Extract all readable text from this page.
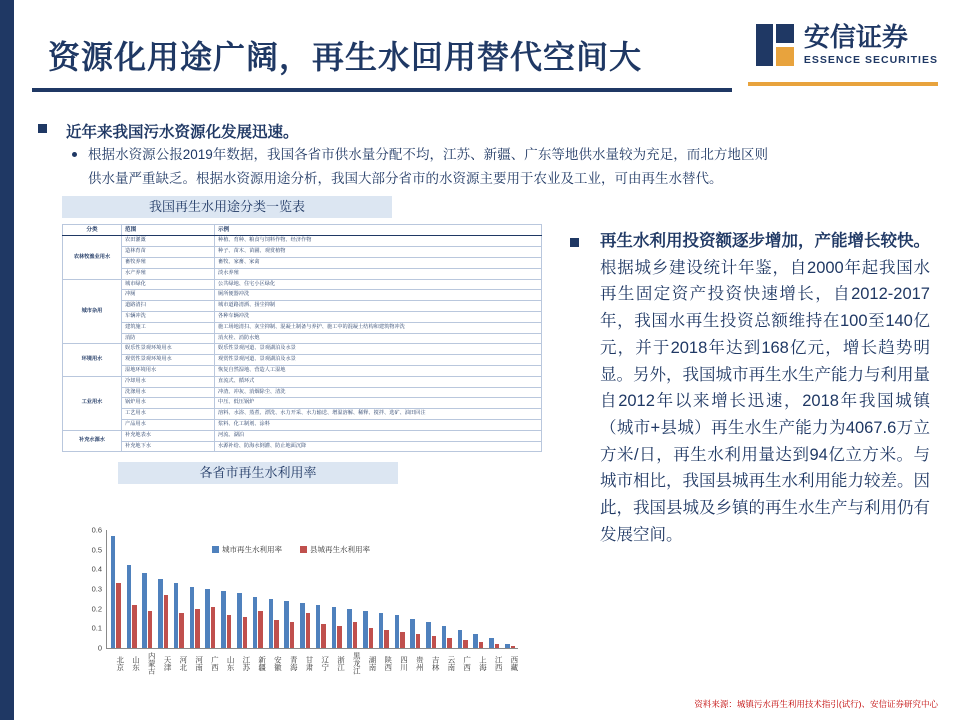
资源化用途广阔，再生水回用替代空间大
安信证券
ESSENCE SECURITIES
近年来我国污水资源化发展迅速。
根据水资源公报2019年数据，我国各省市供水量分配不均，江苏、新疆、广东等地供水量较为充足，而北方地区则供水量严重缺乏。根据水资源用途分析，我国大部分省市的水资源主要用于农业及工业，可由再生水替代。
我国再生水用途分类一览表
分类	范围	示例
农林牧渔业用水	农田灌溉	种植、育种、粮食与饲料作物、经济作物
	造林育苗	种子、苗木、苗圃、观赏植物
	畜牧养殖	畜牧、家畜、家禽
	水产养殖	淡水养殖
城市杂用	城市绿化	公共绿地、住宅小区绿化
	冲厕	厕所便器冲洗
	道路清扫	城市道路清洒、扬尘抑制
	车辆冲洗	各种车辆冲洗
	建筑施工	施工场地清扫、灰尘抑制、混凝土制备与养护、施工中的混凝土结构和建筑物冲洗
	消防	消火栓、消防水炮
环境用水	娱乐性景观环境用水	娱乐性景观河道、景观湖泊及水景
	观赏性景观环境用水	观赏性景观河道、景观湖泊及水景
	湿地环境用水	恢复自然湿地、营造人工湿地
工业用水	冷却用水	直流式、循环式
	洗涤用水	冲渣、冲灰、消烟除尘、清洗
	锅炉用水	中压、低压锅炉
	工艺用水	溶料、水浴、蒸煮、漂洗、水力开采、水力输送、增温溶解、稀释、搅拌、选矿、油田回注
	产品用水	浆料、化工制剂、涂料
补充水源水	补充地表水	河流、湖泊
	补充地下水	水源补给、防海水倒灌、防止地面沉降
各省市再生水利用率
城市再生水利用率	县城再生水利用率
0
0.1
0.2
0.3
0.4
0.5
0.6
北京 山东 内蒙古 天津 河北 河南 广西 山东 江苏 新疆 安徽 青海 甘肃 辽宁 浙江 黑龙江 湖南 陕西 四川 贵州 吉林 云南 广西 上海 江西 西藏
再生水利用投资额逐步增加，产能增长较快。根据城乡建设统计年鉴，自2000年起我国水再生固定资产投资快速增长，自2012-2017年，我国水再生投资总额维持在100至140亿元，并于2018年达到168亿元，增长趋势明显。另外，我国城市再生水生产能力与利用量自2012年以来增长迅速，2018年我国城镇（城市+县城）再生水生产能力为4067.6万立方米/日，再生水利用量达到94亿立方米。与城市相比，我国县城再生水利用能力较差。因此，我国县城及乡镇的再生水生产与利用仍有发展空间。
资料来源：城镇污水再生利用技术指引(试行)、安信证券研究中心
